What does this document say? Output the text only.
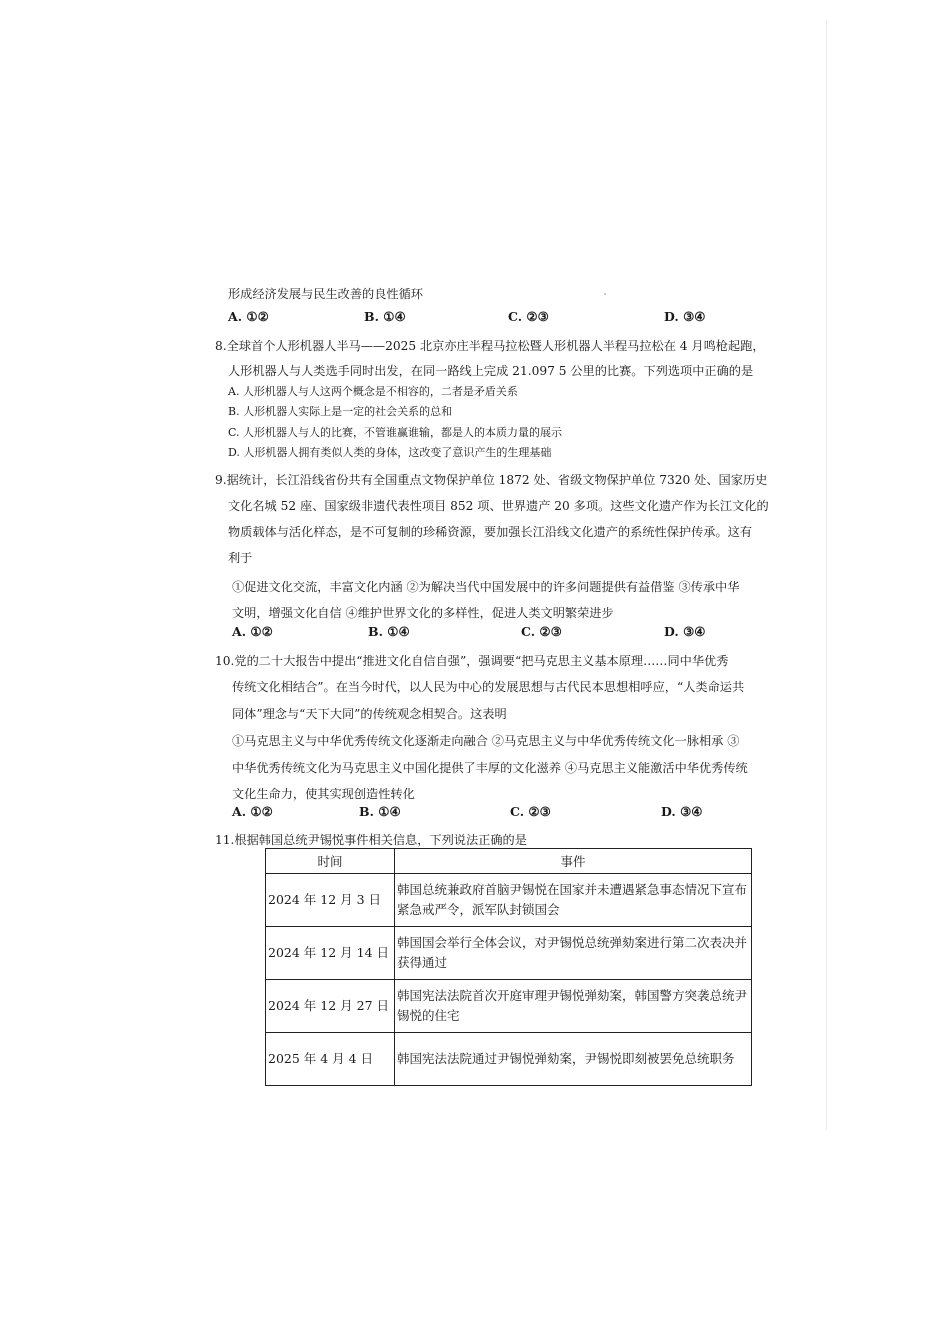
形成经济发展与民生改善的良性循环
A. ①②	B. ①④	C. ②③	D. ③④
8.全球首个人形机器人半马——2025 北京亦庄半程马拉松暨人形机器人半程马拉松在 4 月鸣枪起跑，
人形机器人与人类选手同时出发，在同一路线上完成 21.097 5 公里的比赛。下列选项中正确的是
A. 人形机器人与人这两个概念是不相容的，二者是矛盾关系
B. 人形机器人实际上是一定的社会关系的总和
C. 人形机器人与人的比赛，不管谁赢谁输，都是人的本质力量的展示
D. 人形机器人拥有类似人类的身体，这改变了意识产生的生理基础
9.据统计，长江沿线省份共有全国重点文物保护单位 1872 处、省级文物保护单位 7320 处、国家历史
文化名城 52 座、国家级非遗代表性项目 852 项、世界遗产 20 多项。这些文化遗产作为长江文化的
物质载体与活化样态，是不可复制的珍稀资源，要加强长江沿线文化遗产的系统性保护传承。这有
利于
①促进文化交流，丰富文化内涵 ②为解决当代中国发展中的许多问题提供有益借鉴 ③传承中华
文明，增强文化自信 ④维护世界文化的多样性，促进人类文明繁荣进步
A. ①②	B. ①④	C. ②③	D. ③④
10.党的二十大报告中提出“推进文化自信自强”，强调要“把马克思主义基本原理……同中华优秀
传统文化相结合”。在当今时代，以人民为中心的发展思想与古代民本思想相呼应，“人类命运共
同体”理念与“天下大同”的传统观念相契合。这表明
①马克思主义与中华优秀传统文化逐渐走向融合 ②马克思主义与中华优秀传统文化一脉相承 ③
中华优秀传统文化为马克思主义中国化提供了丰厚的文化滋养 ④马克思主义能激活中华优秀传统
文化生命力，使其实现创造性转化
A. ①②	B. ①④	C. ②③	D. ③④
11.根据韩国总统尹锡悦事件相关信息，下列说法正确的是
时间	事件
2024 年 12 月 3 日	韩国总统兼政府首脑尹锡悦在国家并未遭遇紧急事态情况下宣布紧急戒严令，派军队封锁国会
2024 年 12 月 14 日	韩国国会举行全体会议，对尹锡悦总统弹劾案进行第二次表决并获得通过
2024 年 12 月 27 日	韩国宪法法院首次开庭审理尹锡悦弹劾案，韩国警方突袭总统尹锡悦的住宅
2025 年 4 月 4 日	韩国宪法法院通过尹锡悦弹劾案，尹锡悦即刻被罢免总统职务
